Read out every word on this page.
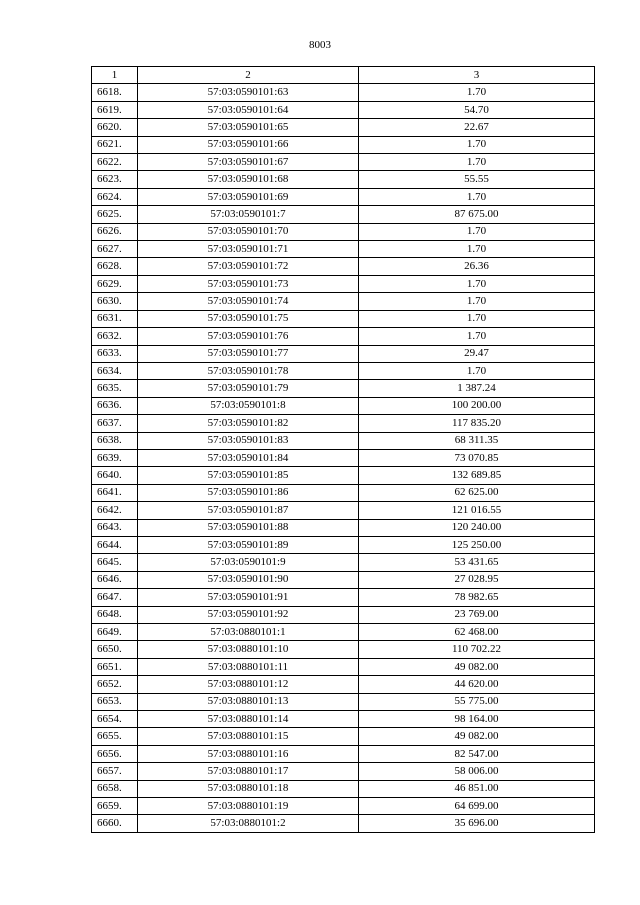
8003
1	2	3
6618.	57:03:0590101:63	1.70
6619.	57:03:0590101:64	54.70
6620.	57:03:0590101:65	22.67
6621.	57:03:0590101:66	1.70
6622.	57:03:0590101:67	1.70
6623.	57:03:0590101:68	55.55
6624.	57:03:0590101:69	1.70
6625.	57:03:0590101:7	87 675.00
6626.	57:03:0590101:70	1.70
6627.	57:03:0590101:71	1.70
6628.	57:03:0590101:72	26.36
6629.	57:03:0590101:73	1.70
6630.	57:03:0590101:74	1.70
6631.	57:03:0590101:75	1.70
6632.	57:03:0590101:76	1.70
6633.	57:03:0590101:77	29.47
6634.	57:03:0590101:78	1.70
6635.	57:03:0590101:79	1 387.24
6636.	57:03:0590101:8	100 200.00
6637.	57:03:0590101:82	117 835.20
6638.	57:03:0590101:83	68 311.35
6639.	57:03:0590101:84	73 070.85
6640.	57:03:0590101:85	132 689.85
6641.	57:03:0590101:86	62 625.00
6642.	57:03:0590101:87	121 016.55
6643.	57:03:0590101:88	120 240.00
6644.	57:03:0590101:89	125 250.00
6645.	57:03:0590101:9	53 431.65
6646.	57:03:0590101:90	27 028.95
6647.	57:03:0590101:91	78 982.65
6648.	57:03:0590101:92	23 769.00
6649.	57:03:0880101:1	62 468.00
6650.	57:03:0880101:10	110 702.22
6651.	57:03:0880101:11	49 082.00
6652.	57:03:0880101:12	44 620.00
6653.	57:03:0880101:13	55 775.00
6654.	57:03:0880101:14	98 164.00
6655.	57:03:0880101:15	49 082.00
6656.	57:03:0880101:16	82 547.00
6657.	57:03:0880101:17	58 006.00
6658.	57:03:0880101:18	46 851.00
6659.	57:03:0880101:19	64 699.00
6660.	57:03:0880101:2	35 696.00
